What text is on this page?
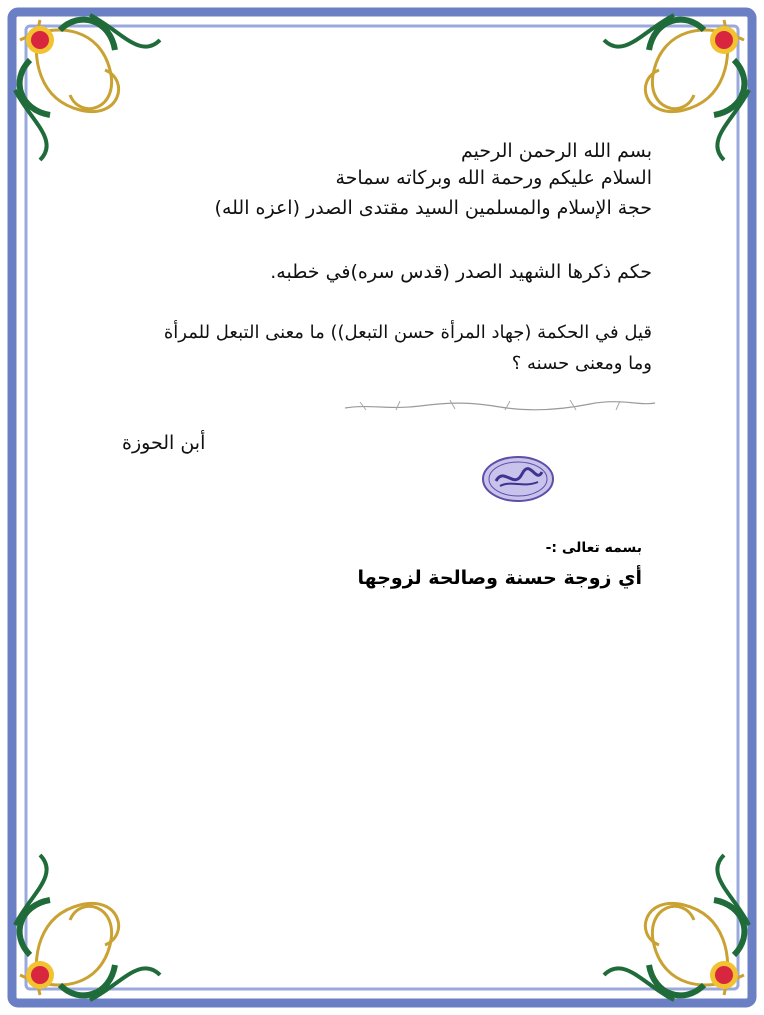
بسم الله الرحمن الرحيم
السلام عليكم ورحمة الله وبركاته سماحة
حجة الإسلام والمسلمين السيد مقتدى الصدر (اعزه الله)
حكم ذكرها الشهيد الصدر (قدس سره)في خطبه.
قيل في الحكمة (جهاد المرأة حسن التبعل)) ما معنى التبعل للمرأة
وما ومعنى حسنه ؟
أبن الحوزة
بسمه تعالى :-
أي زوجة حسنة وصالحة لزوجها
